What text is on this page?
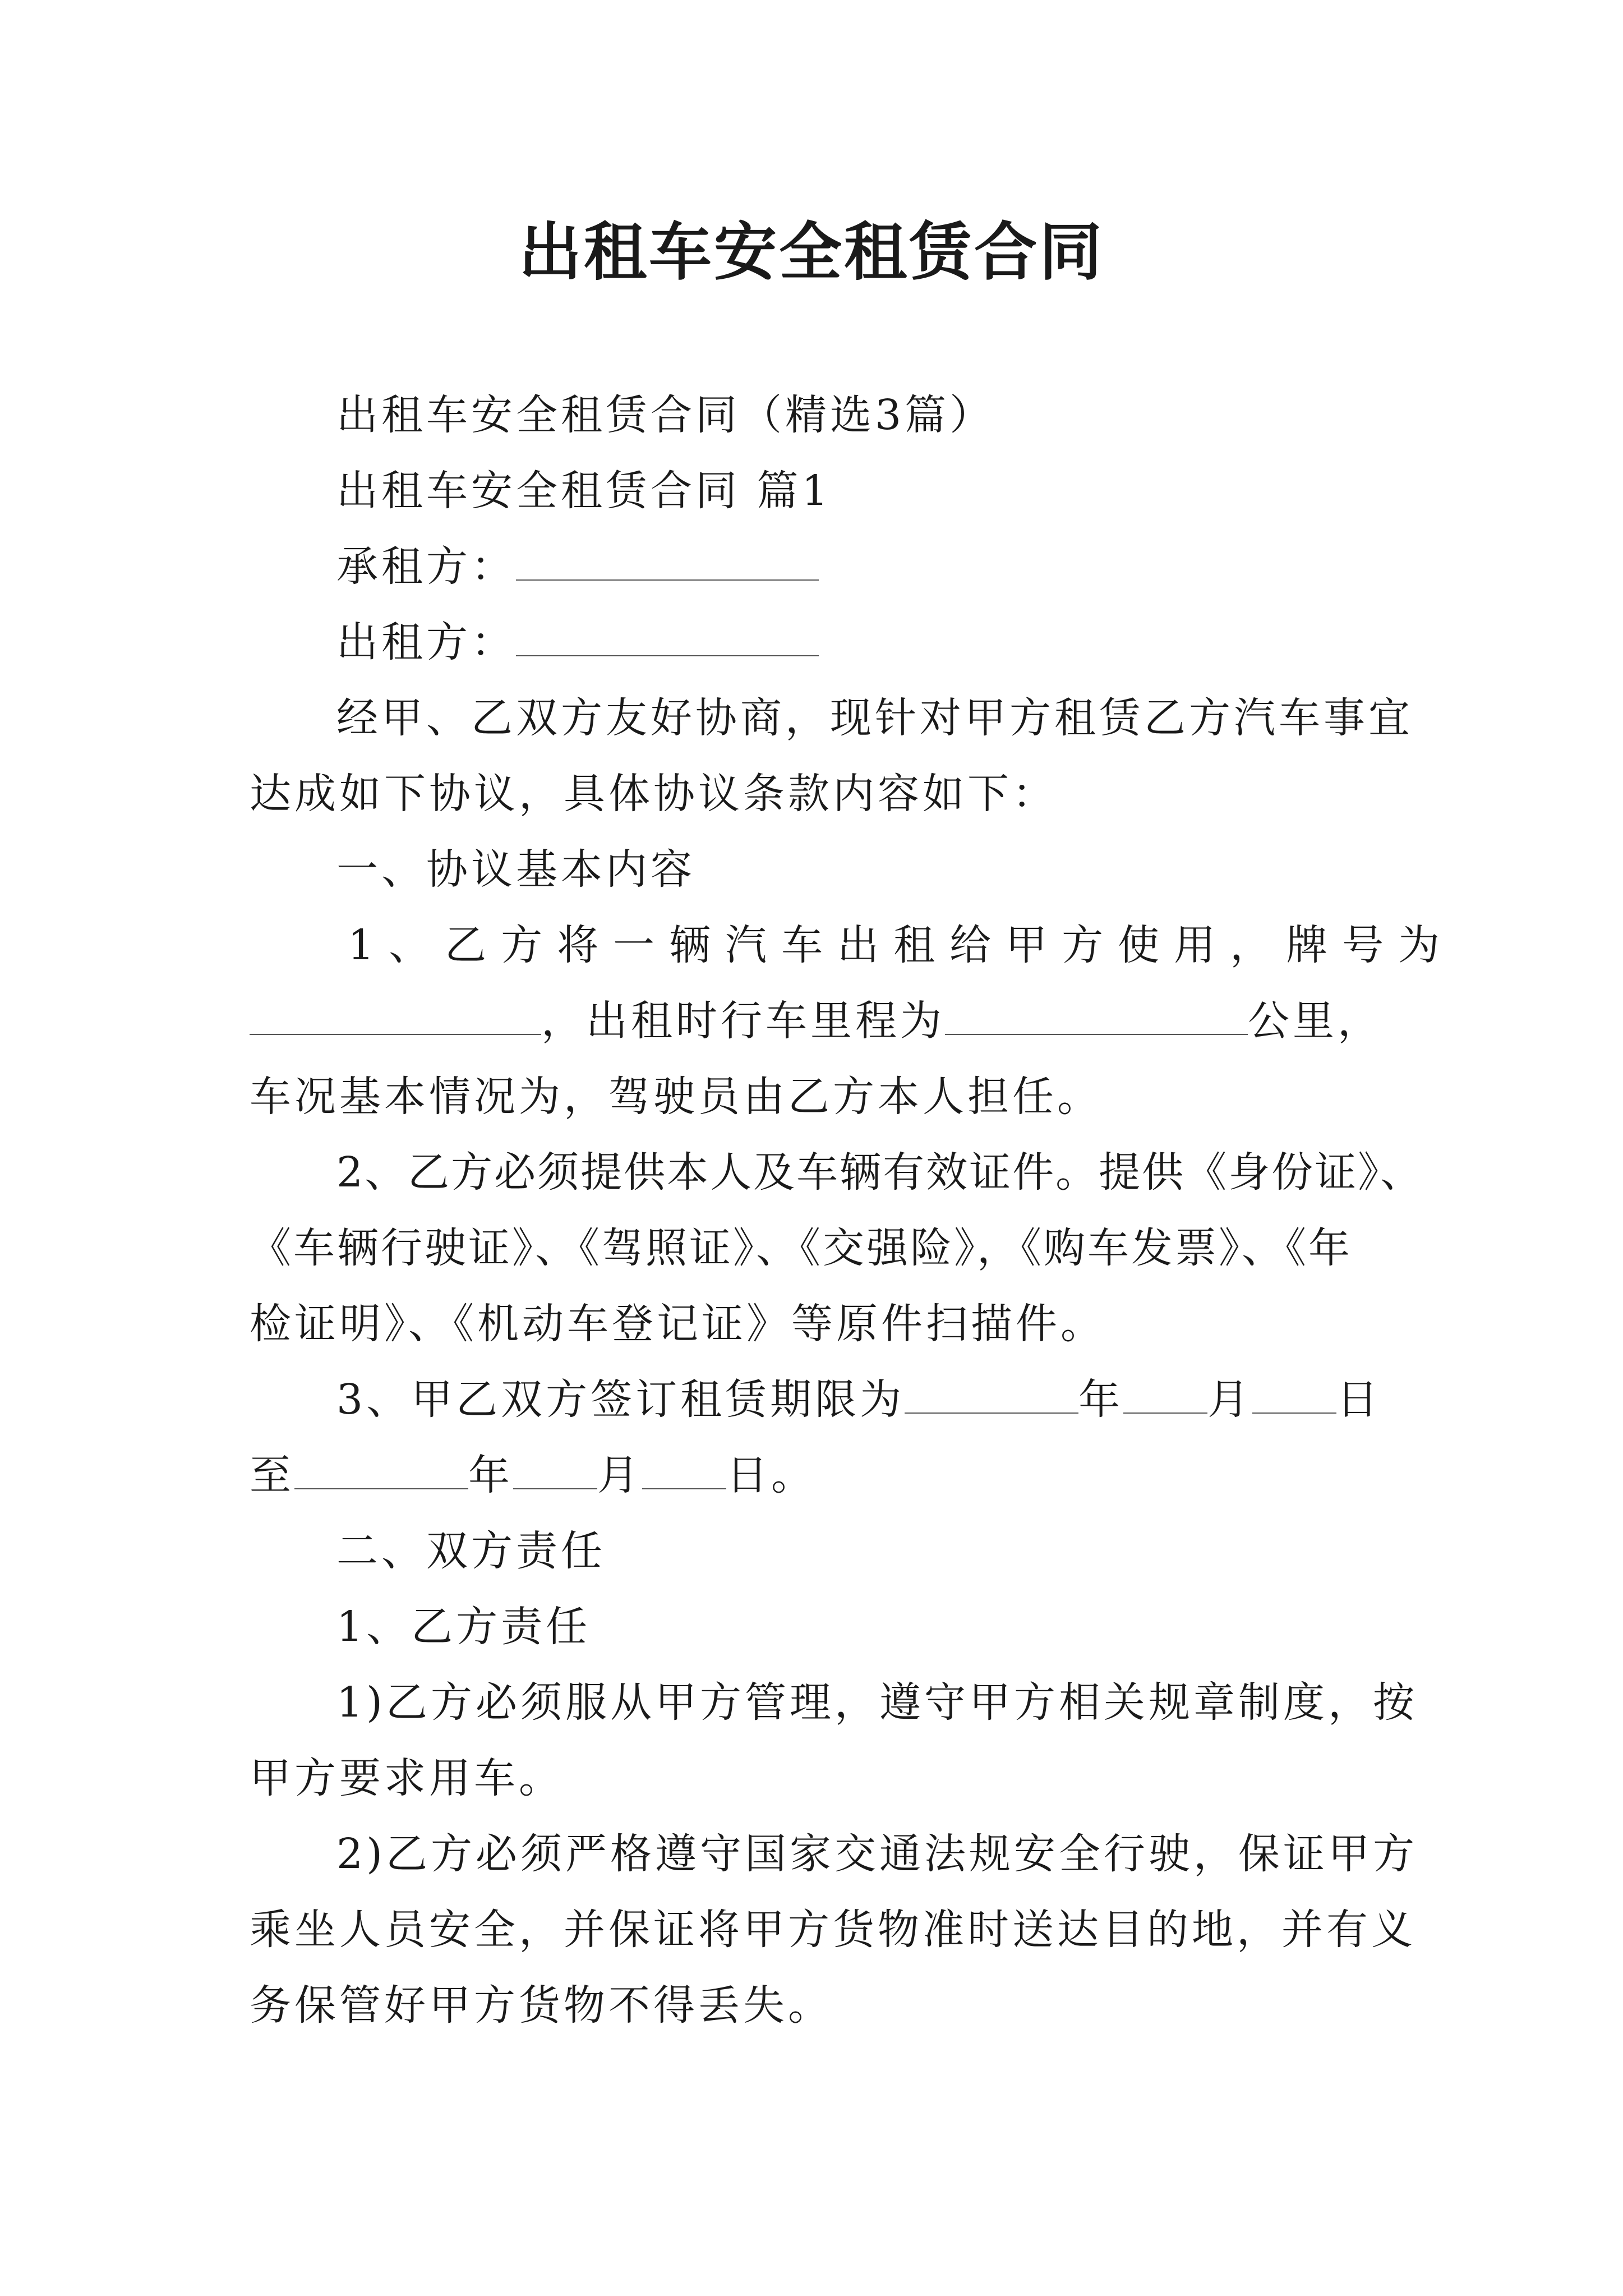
出租车安全租赁合同
出租车安全租赁合同（精选3篇）
出租车安全租赁合同 篇1
承租方：
出租方：
经甲、乙双方友好协商，现针对甲方租赁乙方汽车事宜
达成如下协议，具体协议条款内容如下：
一、协议基本内容
1、乙方将一辆汽车出租给甲方使用，牌号为
，出租时行车里程为	公里，
车况基本情况为，驾驶员由乙方本人担任。
2、乙方必须提供本人及车辆有效证件。提供《身份证》、
《车辆行驶证》、《驾照证》、《交强险》，《购车发票》、《年
检证明》、《机动车登记证》等原件扫描件。
3、甲乙双方签订租赁期限为	年 月 日
至	年 月 日。
二、双方责任
1、乙方责任
1)乙方必须服从甲方管理，遵守甲方相关规章制度，按
甲方要求用车。
2)乙方必须严格遵守国家交通法规安全行驶，保证甲方
乘坐人员安全，并保证将甲方货物准时送达目的地，并有义
务保管好甲方货物不得丢失。
